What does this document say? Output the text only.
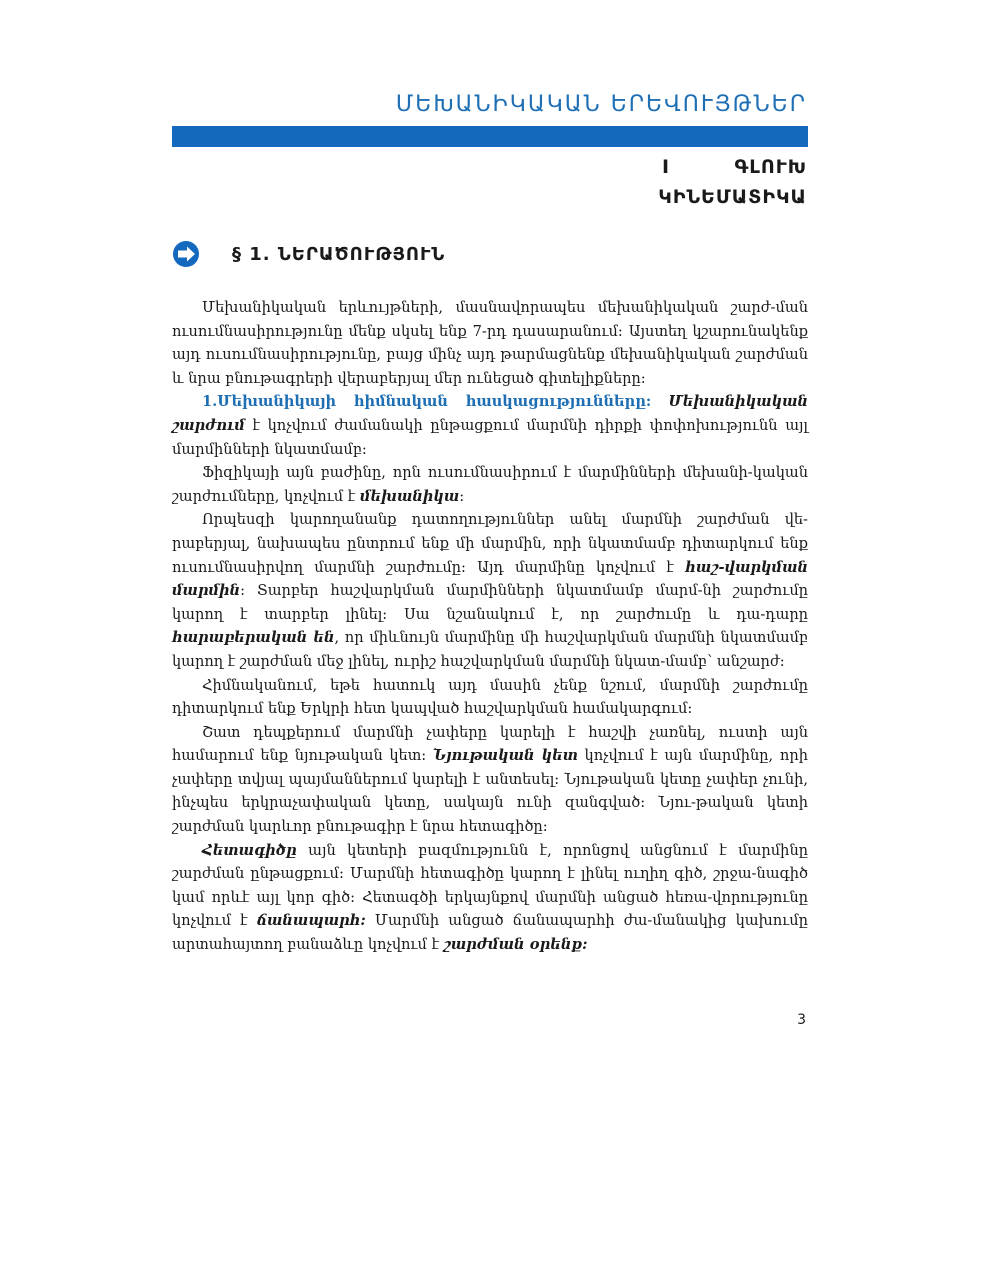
ՄԵԽԱՆԻԿԱԿԱՆ ԵՐԵՎՈՒՅԹՆԵՐ
I	ԳԼՈՒԽ
ԿԻՆԵՄԱՏԻԿԱ
§ 1. ՆԵՐԱԾՈՒԹՅՈՒՆ

Մեխանիկական երևույթների, մասնավորապես մեխանիկական շարժ-ման ուսումնասիրությունը մենք սկսել ենք 7-րդ դասարանում: Այստեղ կշարունակենք այդ ուսումնասիրությունը, բայց մինչ այդ թարմացնենք մեխանիկական շարժման և նրա բնութագրերի վերաբերյալ մեր ունեցած գիտելիքները:

1.Մեխանիկայի հիմնական հասկացությունները: Մեխանիկական շարժում է կոչվում ժամանակի ընթացքում մարմնի դիրքի փոփոխությունն այլ մարմինների նկատմամբ:

Ֆիզիկայի այն բաժինը, որն ուսումնասիրում է մարմինների մեխանի-կական շարժումները, կոչվում է մեխանիկա:

Որպեսզի կարողանանք դատողություններ անել մարմնի շարժման վե-րաբերյալ, նախապես ընտրում ենք մի մարմին, որի նկատմամբ դիտարկում ենք ուսումնասիրվող մարմնի շարժումը: Այդ մարմինը կոչվում է հաշ-վարկման մարմին: Տարբեր հաշվարկման մարմինների նկատմամբ մարմ-նի շարժումը կարող է տարբեր լինել: Սա նշանակում է, որ շարժումը և դա-դարը հարաբերական են, որ միևնույն մարմինը մի հաշվարկման մարմնի նկատմամբ կարող է շարժման մեջ լինել, ուրիշ հաշվարկման մարմնի նկատ-մամբ՝ անշարժ:

Հիմնականում, եթե հատուկ այդ մասին չենք նշում, մարմնի շարժումը դիտարկում ենք Երկրի հետ կապված հաշվարկման համակարգում:

Շատ դեպքերում մարմնի չափերը կարելի է հաշվի չառնել, ուստի այն համարում ենք նյութական կետ: Նյութական կետ կոչվում է այն մարմինը, որի չափերը տվյալ պայմաններում կարելի է անտեսել: Նյութական կետը չափեր չունի, ինչպես երկրաչափական կետը, սակայն ունի զանգված: Նյու-թական կետի շարժման կարևոր բնութագիր է նրա հետագիծը:

Հետագիծը այն կետերի բազմությունն է, որոնցով անցնում է մարմինը շարժման ընթացքում: Մարմնի հետագիծը կարող է լինել ուղիղ գիծ, շրջա-նագիծ կամ որևէ այլ կոր գիծ: Հետագծի երկայնքով մարմնի անցած հեռա-վորությունը կոչվում է ճանապարհ: Մարմնի անցած ճանապարհի ժա-մանակից կախումը արտահայտող բանաձևը կոչվում է շարժման օրենք:

3
